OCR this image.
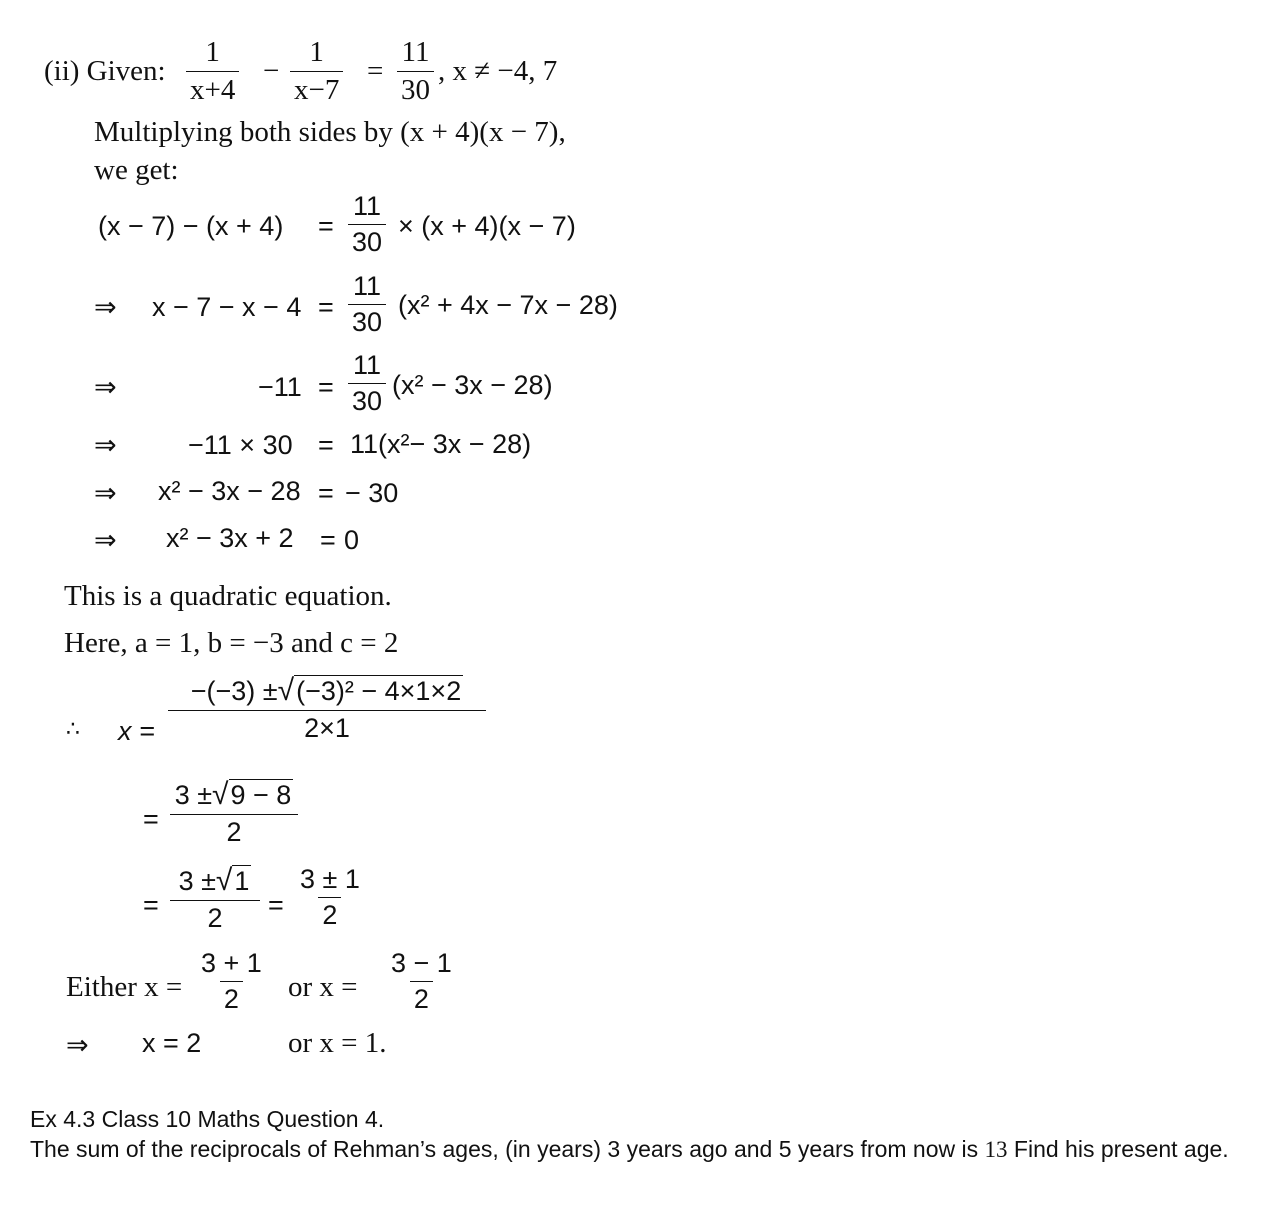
(ii) Given: $\frac{1}{x+4} - \frac{1}{x-7} = \frac{11}{30}$ , x ≠ −4, 7
Multiplying both sides by (x + 4)(x − 7),
we get:
$(x - 7) - (x + 4) = \frac{11}{30} \times (x + 4)(x - 7)$
⇒ $x - 7 - x - 4 = \frac{11}{30} (x^2 + 4x - 7x - 28)$
⇒	$-11 = \frac{11}{30} (x^2 - 3x - 28)$
⇒	−11 × 30 = 11(x²− 3x − 28)
⇒ x² − 3x − 28 = − 30
⇒ x² − 3x + 2 = 0
This is a quadratic equation.
Here, a = 1, b = −3 and c = 2
∴ $x = \frac{\text{−(−3) ±√(−3)² − 4×1×2}}{2\times 1}$
= $\frac{3 \pm√9 - 8}{2}$
= $\frac{3 \pm√1}{2} = \frac{3 \pm 1}{2}$
Either $x = \frac{3 + 1}{2}$ or $x = \frac{3 - 1}{2}$
⇒ x = 2	or x = 1.

Ex 4.3 Class 10 Maths Question 4.

The sum of the reciprocals of Rehman’s ages, (in years) 3 years ago and 5 years from now is 13 Find his present age.
